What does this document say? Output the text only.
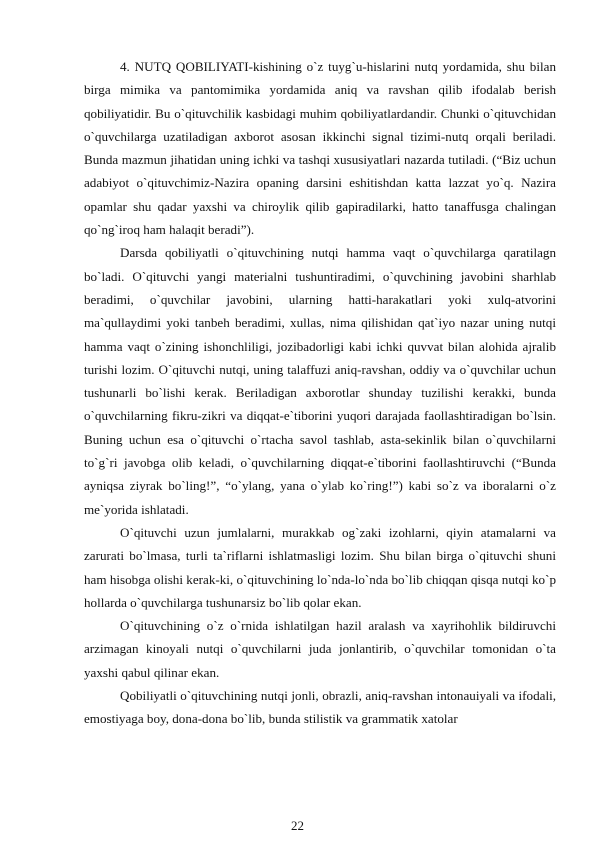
4. NUTQ QOBILIYATI-kishining o`z tuyg`u-hislarini nutq yordamida, shu bilan birga mimika va pantomimika yordamida aniq va ravshan qilib ifodalab berish qobiliyatidir. Bu o`qituvchilik kasbidagi muhim qobiliyatlardandir. Chunki o`qituvchidan o`quvchilarga uzatiladigan axborot asosan ikkinchi signal tizimi-nutq orqali beriladi. Bunda mazmun jihatidan uning ichki va tashqi xususiyatlari nazarda tutiladi. (“Biz uchun adabiyot o`qituvchimiz-Nazira opaning darsini eshitishdan katta lazzat yo`q. Nazira opamlar shu qadar yaxshi va chiroylik qilib gapiradilarki, hatto tanaffusga chalingan qo`ng`iroq ham halaqit beradi”).

Darsda qobiliyatli o`qituvchining nutqi hamma vaqt o`quvchilarga qaratilagn bo`ladi. O`qituvchi yangi materialni tushuntiradimi, o`quvchining javobini sharhlab beradimi, o`quvchilar javobini, ularning hatti-harakatlari yoki xulq-atvorini ma`qullaydimi yoki tanbeh beradimi, xullas, nima qilishidan qat`iyo nazar uning nutqi hamma vaqt o`zining ishonchliligi, jozibadorligi kabi ichki quvvat bilan alohida ajralib turishi lozim. O`qituvchi nutqi, uning talaffuzi aniq-ravshan, oddiy va o`quvchilar uchun tushunarli bo`lishi kerak. Beriladigan axborotlar shunday tuzilishi kerakki, bunda o`quvchilarning fikru-zikri va diqqat-e`tiborini yuqori darajada faollashtiradigan bo`lsin. Buning uchun esa o`qituvchi o`rtacha savol tashlab, asta-sekinlik bilan o`quvchilarni to`g`ri javobga olib keladi, o`quvchilarning diqqat-e`tiborini faollashtiruvchi (“Bunda ayniqsa ziyrak bo`ling!”, “o`ylang, yana o`ylab ko`ring!”) kabi so`z va iboralarni o`z me`yorida ishlatadi.

O`qituvchi uzun jumlalarni, murakkab og`zaki izohlarni, qiyin atamalarni va zarurati bo`lmasa, turli ta`riflarni ishlatmasligi lozim. Shu bilan birga o`qituvchi shuni ham hisobga olishi kerak-ki, o`qituvchining lo`nda-lo`nda bo`lib chiqqan qisqa nutqi ko`p hollarda o`quvchilarga tushunarsiz bo`lib qolar ekan.

O`qituvchining o`z o`rnida ishlatilgan hazil aralash va xayrihohlik bildiruvchi arzimagan kinoyali nutqi o`quvchilarni juda jonlantirib, o`quvchilar tomonidan o`ta yaxshi qabul qilinar ekan.

Qobiliyatli o`qituvchining nutqi jonli, obrazli, aniq-ravshan intonauiyali va ifodali, emostiyaga boy, dona-dona bo`lib, bunda stilistik va grammatik xatolar

22
